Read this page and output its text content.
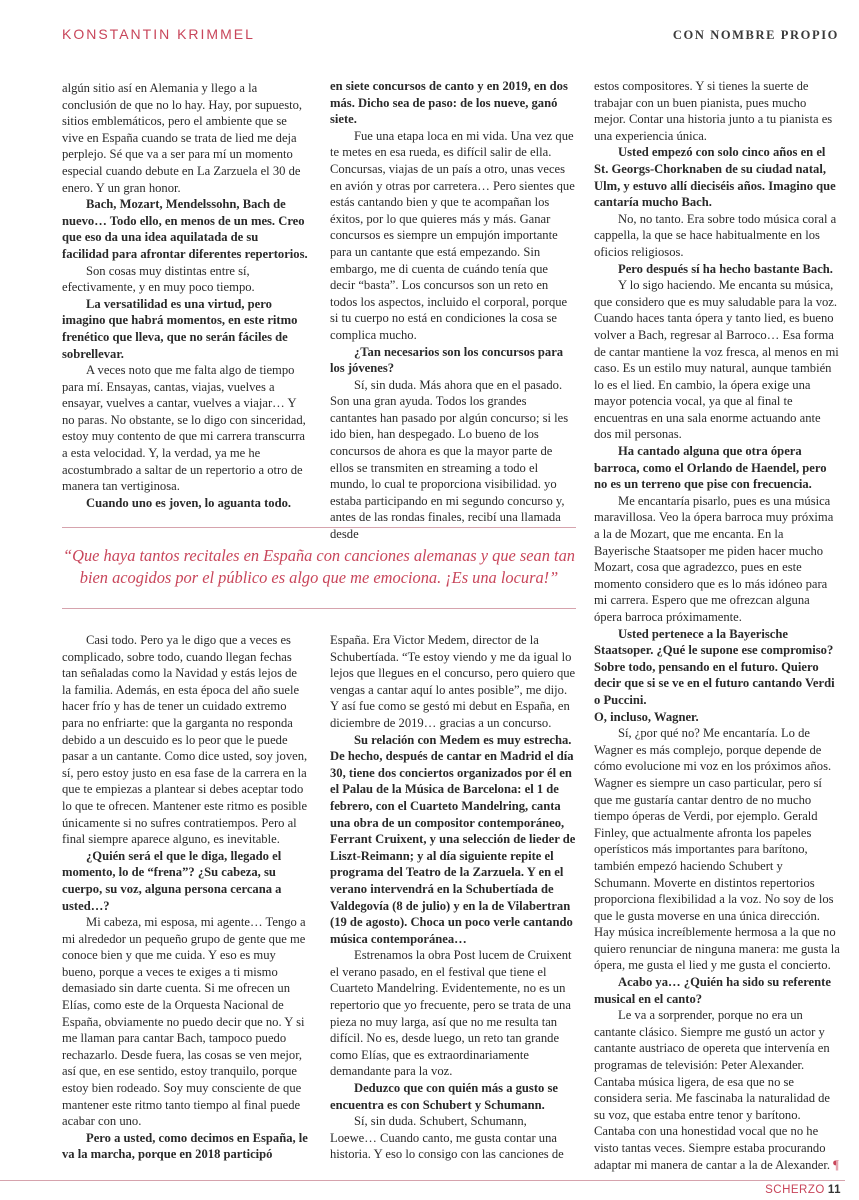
KONSTANTIN KRIMMEL	CON NOMBRE PROPIO

algún sitio así en Alemania y llego a la conclusión de que no lo hay. Hay, por supuesto, sitios emblemáticos, pero el ambiente que se vive en España cuando se trata de lied me deja perplejo. Sé que va a ser para mí un momento especial cuando debute en La Zarzuela el 30 de enero. Y un gran honor.

Bach, Mozart, Mendelssohn, Bach de nuevo… Todo ello, en menos de un mes. Creo que eso da una idea aquilatada de su facilidad para afrontar diferentes repertorios.

Son cosas muy distintas entre sí, efectivamente, y en muy poco tiempo.

La versatilidad es una virtud, pero imagino que habrá momentos, en este ritmo frenético que lleva, que no serán fáciles de sobrellevar.

A veces noto que me falta algo de tiempo para mí. Ensayas, cantas, viajas, vuelves a ensayar, vuelves a cantar, vuelves a viajar… Y no paras. No obstante, se lo digo con sinceridad, estoy muy contento de que mi carrera transcurra a esta velocidad. Y, la verdad, ya me he acostumbrado a saltar de un repertorio a otro de manera tan vertiginosa.

Cuando uno es joven, lo aguanta todo.

en siete concursos de canto y en 2019, en dos más. Dicho sea de paso: de los nueve, ganó siete.

Fue una etapa loca en mi vida. Una vez que te metes en esa rueda, es difícil salir de ella. Concursas, viajas de un país a otro, unas veces en avión y otras por carretera… Pero sientes que estás cantando bien y que te acompañan los éxitos, por lo que quieres más y más. Ganar concursos es siempre un empujón importante para un cantante que está empezando. Sin embargo, me di cuenta de cuándo tenía que decir “basta”. Los concursos son un reto en todos los aspectos, incluido el corporal, porque si tu cuerpo no está en condiciones la cosa se complica mucho.

¿Tan necesarios son los concursos para los jóvenes?

Sí, sin duda. Más ahora que en el pasado. Son una gran ayuda. Todos los grandes cantantes han pasado por algún concurso; si les ido bien, han despegado. Lo bueno de los concursos de ahora es que la mayor parte de ellos se transmiten en streaming a todo el mundo, lo cual te proporciona visibilidad. yo estaba participando en mi segundo concurso y, antes de las rondas finales, recibí una llamada desde

estos compositores. Y si tienes la suerte de trabajar con un buen pianista, pues mucho mejor. Contar una historia junto a tu pianista es una experiencia única.

Usted empezó con solo cinco años en el St. Georgs-Chorknaben de su ciudad natal, Ulm, y estuvo allí dieciséis años. Imagino que cantaría mucho Bach.

No, no tanto. Era sobre todo música coral a cappella, la que se hace habitualmente en los oficios religiosos.

Pero después sí ha hecho bastante Bach.

Y lo sigo haciendo. Me encanta su música, que considero que es muy saludable para la voz. Cuando haces tanta ópera y tanto lied, es bueno volver a Bach, regresar al Barroco… Esa forma de cantar mantiene la voz fresca, al menos en mi caso. Es un estilo muy natural, aunque también lo es el lied. En cambio, la ópera exige una mayor potencia vocal, ya que al final te encuentras en una sala enorme actuando ante dos mil personas.

Ha cantado alguna que otra ópera barroca, como el Orlando de Haendel, pero no es un terreno que pise con frecuencia.

Me encantaría pisarlo, pues es una música maravillosa. Veo la ópera barroca muy próxima a la de Mozart, que me encanta. En la Bayerische Staatsoper me piden hacer mucho Mozart, cosa que agradezco, pues en este momento considero que es lo más idóneo para mi carrera. Espero que me ofrezcan alguna ópera barroca próximamente.

Usted pertenece a la Bayerische Staatsoper. ¿Qué le supone ese compromiso? Sobre todo, pensando en el futuro. Quiero decir que si se ve en el futuro cantando Verdi o Puccini.

O, incluso, Wagner.

Sí, ¿por qué no? Me encantaría. Lo de Wagner es más complejo, porque depende de cómo evolucione mi voz en los próximos años. Wagner es siempre un caso particular, pero sí que me gustaría cantar dentro de no mucho tiempo óperas de Verdi, por ejemplo. Gerald Finley, que actualmente afronta los papeles operísticos más importantes para barítono, también empezó haciendo Schubert y Schumann. Moverte en distintos repertorios proporciona flexibilidad a la voz. No soy de los que le gusta moverse en una única dirección. Hay música increíblemente hermosa a la que no quiero renunciar de ninguna manera: me gusta la ópera, me gusta el lied y me gusta el concierto.

Acabo ya… ¿Quién ha sido su referente musical en el canto?

Le va a sorprender, porque no era un cantante clásico. Siempre me gustó un actor y cantante austriaco de opereta que intervenía en programas de televisión: Peter Alexander. Cantaba música ligera, de esa que no se considera seria. Me fascinaba la naturalidad de su voz, que estaba entre tenor y barítono. Cantaba con una honestidad vocal que no he visto tantas veces. Siempre estaba procurando adaptar mi manera de cantar a la de Alexander. ¶

“Que haya tantos recitales en España con canciones alemanas y que sean tan bien acogidos por el público es algo que me emociona. ¡Es una locura!”

Casi todo. Pero ya le digo que a veces es complicado, sobre todo, cuando llegan fechas tan señaladas como la Navidad y estás lejos de la familia. Además, en esta época del año suele hacer frío y has de tener un cuidado extremo para no enfriarte: que la garganta no responda debido a un descuido es lo peor que le puede pasar a un cantante. Como dice usted, soy joven, sí, pero estoy justo en esa fase de la carrera en la que te empiezas a plantear si debes aceptar todo lo que te ofrecen. Mantener este ritmo es posible únicamente si no sufres contratiempos. Pero al final siempre aparece alguno, es inevitable.

¿Quién será el que le diga, llegado el momento, lo de “frena”? ¿Su cabeza, su cuerpo, su voz, alguna persona cercana a usted…?

Mi cabeza, mi esposa, mi agente… Tengo a mi alrededor un pequeño grupo de gente que me conoce bien y que me cuida. Y eso es muy bueno, porque a veces te exiges a ti mismo demasiado sin darte cuenta. Si me ofrecen un Elías, como este de la Orquesta Nacional de España, obviamente no puedo decir que no. Y si me llaman para cantar Bach, tampoco puedo rechazarlo. Desde fuera, las cosas se ven mejor, así que, en ese sentido, estoy tranquilo, porque estoy bien rodeado. Soy muy consciente de que mantener este ritmo tanto tiempo al final puede acabar con uno.

Pero a usted, como decimos en España, le va la marcha, porque en 2018 participó

España. Era Victor Medem, director de la Schubertíada. “Te estoy viendo y me da igual lo lejos que llegues en el concurso, pero quiero que vengas a cantar aquí lo antes posible”, me dijo. Y así fue como se gestó mi debut en España, en diciembre de 2019… gracias a un concurso.

Su relación con Medem es muy estrecha. De hecho, después de cantar en Madrid el día 30, tiene dos conciertos organizados por él en el Palau de la Música de Barcelona: el 1 de febrero, con el Cuarteto Mandelring, canta una obra de un compositor contemporáneo, Ferrant Cruixent, y una selección de lieder de Liszt-Reimann; y al día siguiente repite el programa del Teatro de la Zarzuela. Y en el verano intervendrá en la Schubertíada de Valdegovía (8 de julio) y en la de Vilabertran (19 de agosto). Choca un poco verle cantando música contemporánea…

Estrenamos la obra Post lucem de Cruixent el verano pasado, en el festival que tiene el Cuarteto Mandelring. Evidentemente, no es un repertorio que yo frecuente, pero se trata de una pieza no muy larga, así que no me resulta tan difícil. No es, desde luego, un reto tan grande como Elías, que es extraordinariamente demandante para la voz.

Deduzco que con quién más a gusto se encuentra es con Schubert y Schumann.

Sí, sin duda. Schubert, Schumann, Loewe… Cuando canto, me gusta contar una historia. Y eso lo consigo con las canciones de

SCHERZO 11
